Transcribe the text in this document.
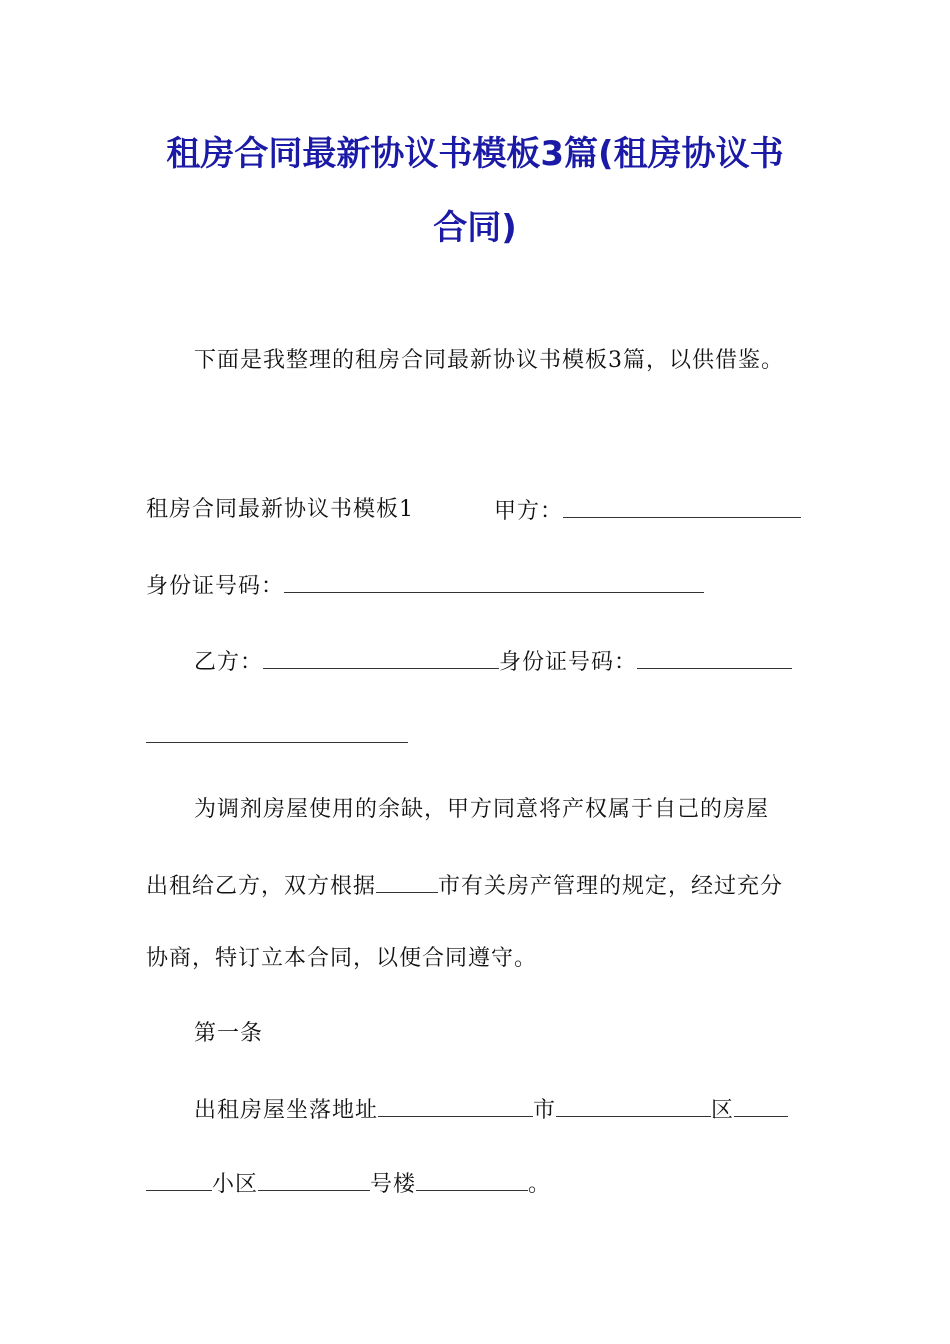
租房合同最新协议书模板3篇(租房协议书
合同)
下面是我整理的租房合同最新协议书模板3篇，以供借鉴。
租房合同最新协议书模板1	甲方：
身份证号码：
乙方：	身份证号码：
为调剂房屋使用的余缺，甲方同意将产权属于自己的房屋
出租给乙方，双方根据	市有关房产管理的规定，经过充分
协商，特订立本合同，以便合同遵守。
第一条
出租房屋坐落地址	市	区
小区	号楼	。
